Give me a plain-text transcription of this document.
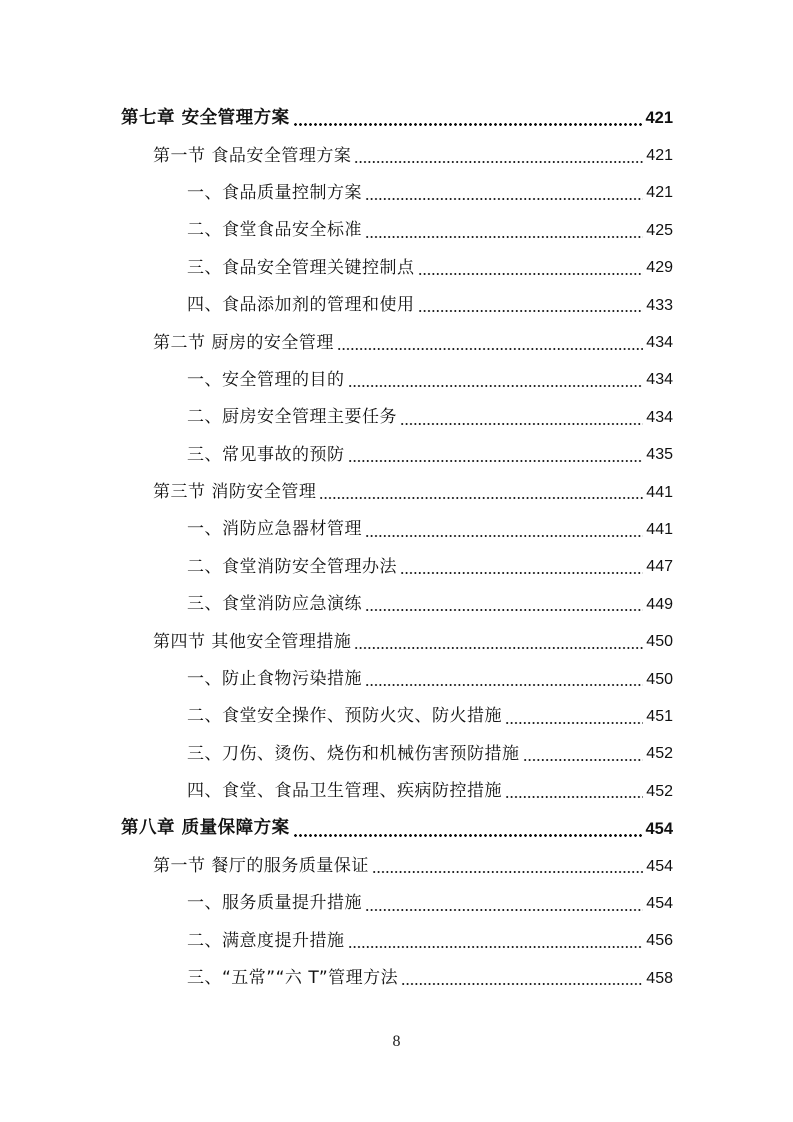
第七章 安全管理方案	421
第一节 食品安全管理方案	421
一、食品质量控制方案	421
二、食堂食品安全标准	425
三、食品安全管理关键控制点	429
四、食品添加剂的管理和使用	433
第二节 厨房的安全管理	434
一、安全管理的目的	434
二、厨房安全管理主要任务	434
三、常见事故的预防	435
第三节 消防安全管理	441
一、消防应急器材管理	441
二、食堂消防安全管理办法	447
三、食堂消防应急演练	449
第四节 其他安全管理措施	450
一、防止食物污染措施	450
二、食堂安全操作、预防火灾、防火措施	451
三、刀伤、烫伤、烧伤和机械伤害预防措施	452
四、食堂、食品卫生管理、疾病防控措施	452
第八章 质量保障方案	454
第一节 餐厅的服务质量保证	454
一、服务质量提升措施	454
二、满意度提升措施	456
三、“五常”“六 T”管理方法	458
8
